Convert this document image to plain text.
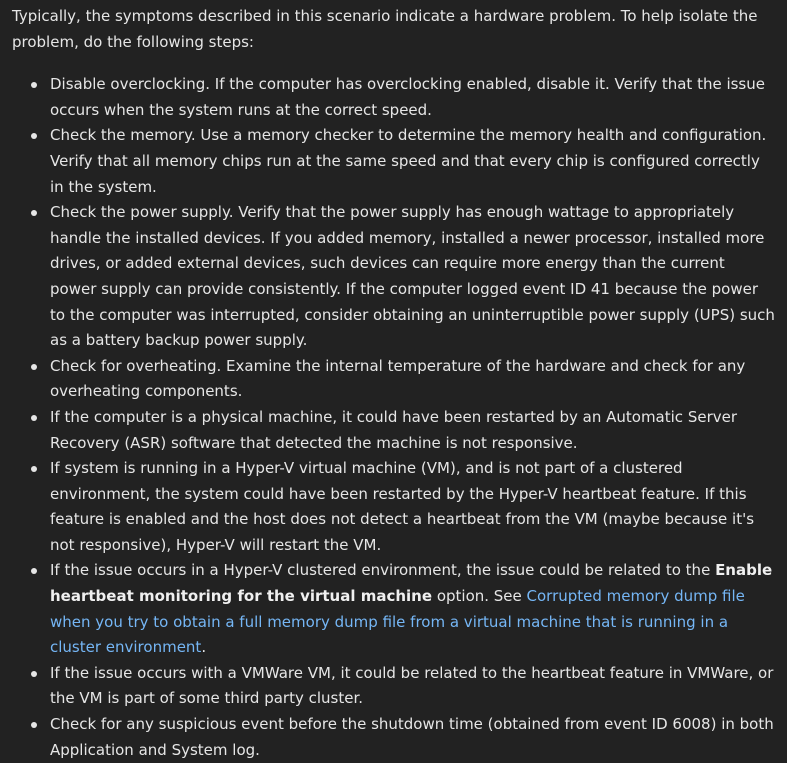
Typically, the symptoms described in this scenario indicate a hardware problem. To help isolate the problem, do the following steps:

Disable overclocking. If the computer has overclocking enabled, disable it. Verify that the issue occurs when the system runs at the correct speed.
Check the memory. Use a memory checker to determine the memory health and configuration. Verify that all memory chips run at the same speed and that every chip is configured correctly in the system.
Check the power supply. Verify that the power supply has enough wattage to appropriately handle the installed devices. If you added memory, installed a newer processor, installed more drives, or added external devices, such devices can require more energy than the current power supply can provide consistently. If the computer logged event ID 41 because the power to the computer was interrupted, consider obtaining an uninterruptible power supply (UPS) such as a battery backup power supply.
Check for overheating. Examine the internal temperature of the hardware and check for any overheating components.
If the computer is a physical machine, it could have been restarted by an Automatic Server Recovery (ASR) software that detected the machine is not responsive.
If system is running in a Hyper-V virtual machine (VM), and is not part of a clustered environment, the system could have been restarted by the Hyper-V heartbeat feature. If this feature is enabled and the host does not detect a heartbeat from the VM (maybe because it's not responsive), Hyper-V will restart the VM.
If the issue occurs in a Hyper-V clustered environment, the issue could be related to the Enable heartbeat monitoring for the virtual machine option. See Corrupted memory dump file when you try to obtain a full memory dump file from a virtual machine that is running in a cluster environment.
If the issue occurs with a VMWare VM, it could be related to the heartbeat feature in VMWare, or the VM is part of some third party cluster.
Check for any suspicious event before the shutdown time (obtained from event ID 6008) in both Application and System log.
